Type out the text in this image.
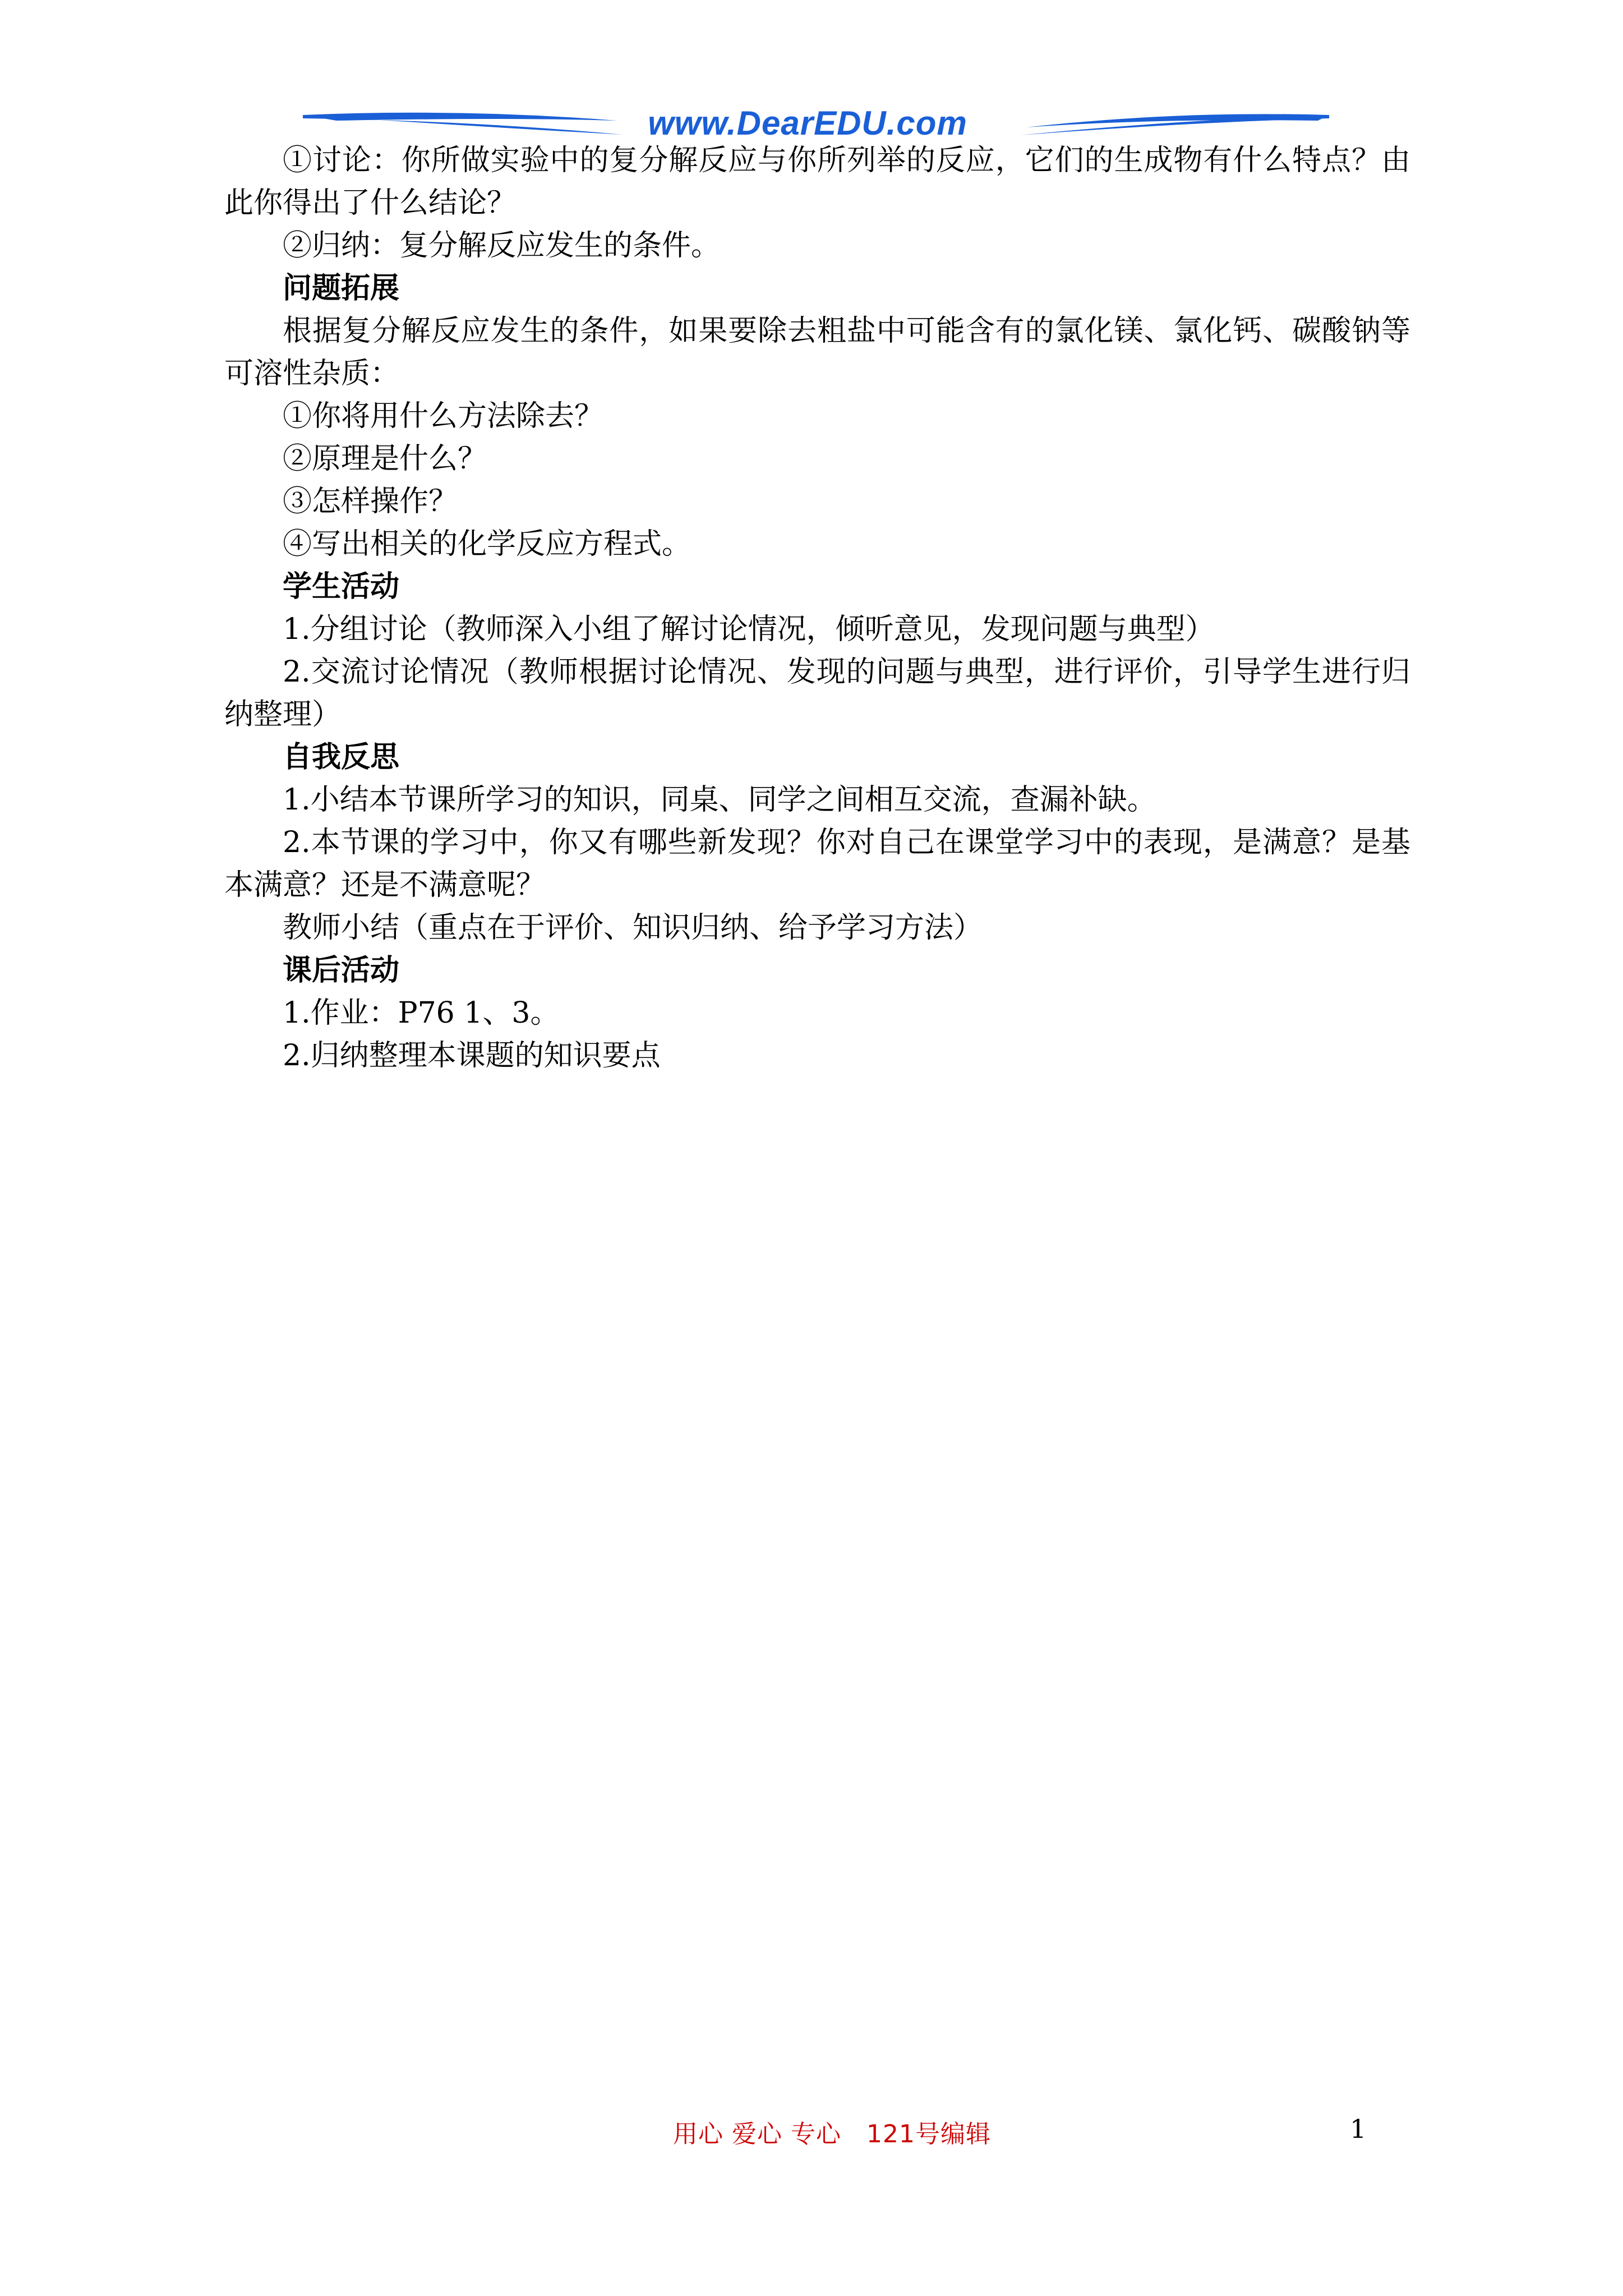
www.DearEDU.com

①讨论：你所做实验中的复分解反应与你所列举的反应，它们的生成物有什么特点？由此你得出了什么结论？

②归纳：复分解反应发生的条件。

问题拓展

根据复分解反应发生的条件，如果要除去粗盐中可能含有的氯化镁、氯化钙、碳酸钠等可溶性杂质：

①你将用什么方法除去？

②原理是什么？

③怎样操作？

④写出相关的化学反应方程式。

学生活动

1.分组讨论（教师深入小组了解讨论情况，倾听意见，发现问题与典型）

2.交流讨论情况（教师根据讨论情况、发现的问题与典型，进行评价，引导学生进行归纳整理）

自我反思

1.小结本节课所学习的知识，同桌、同学之间相互交流，查漏补缺。

2.本节课的学习中，你又有哪些新发现？你对自己在课堂学习中的表现，是满意？是基本满意？还是不满意呢？

教师小结（重点在于评价、知识归纳、给予学习方法）

课后活动

1.作业：P76 1、3。

2.归纳整理本课题的知识要点

用心 爱心 专心　121号编辑	1
